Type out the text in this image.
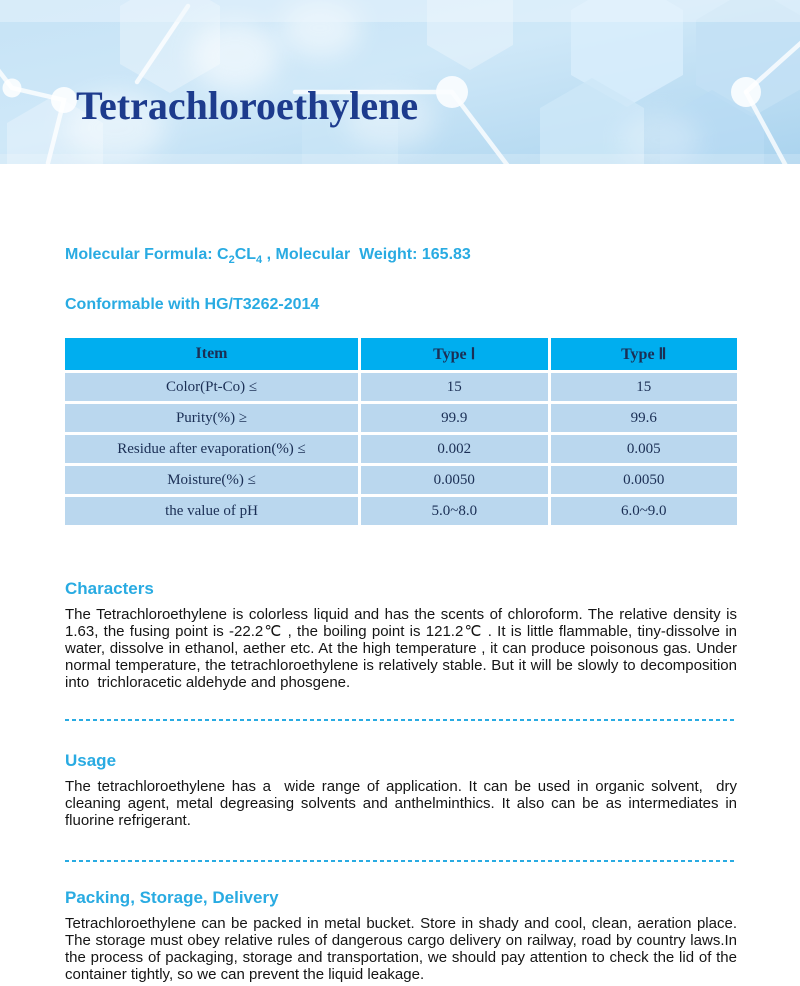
Tetrachloroethylene

Molecular Formula: $C_2CL_4$ , Molecular  Weight: 165.83

Conformable with HG/T3262-2014

Item	Type Ⅰ	Type Ⅱ
Color(Pt-Co) ≤	15	15
Purity(%) ≥	99.9	99.6
Residue after evaporation(%) ≤	0.002	0.005
Moisture(%) ≤	0.0050	0.0050
the value of pH	5.0~8.0	6.0~9.0
Characters

The Tetrachloroethylene is colorless liquid and has the scents of chloroform. The relative density is 1.63, the fusing point is -22.2℃ , the boiling point is 121.2℃ . It is little flammable, tiny-dissolve in water, dissolve in ethanol, aether etc. At the high temperature , it can produce poisonous gas. Under normal temperature, the tetrachloroethylene is relatively stable. But it will be slowly to decomposition into  trichloracetic aldehyde and phosgene.

Usage

The tetrachloroethylene has a  wide range of application. It can be used in organic solvent,  dry cleaning agent, metal degreasing solvents and anthelminthics. It also can be as intermediates in fluorine refrigerant.

Packing, Storage, Delivery

Tetrachloroethylene can be packed in metal bucket. Store in shady and cool, clean, aeration place. The storage must obey relative rules of dangerous cargo delivery on railway, road by country laws.In the process of packaging, storage and transportation, we should pay attention to check the lid of the container tightly, so we can prevent the liquid leakage.
